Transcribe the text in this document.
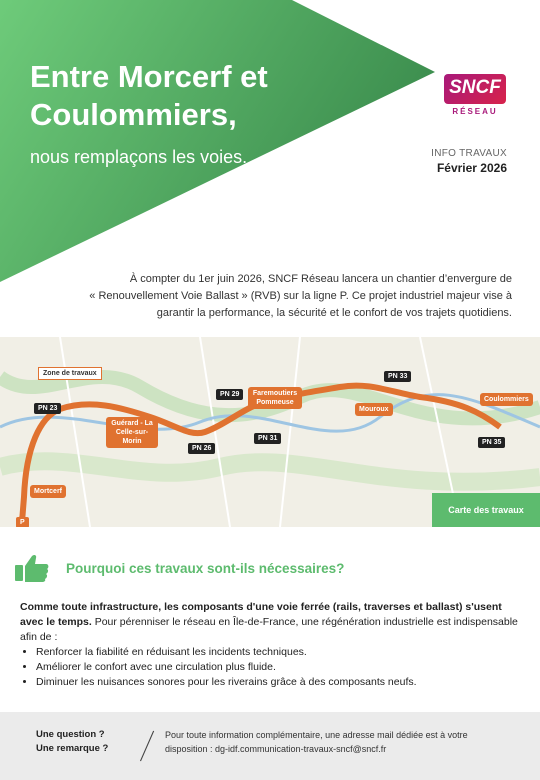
Entre Morcerf et
Coulommiers,
nous remplaçons les voies.
SNCF
RÉSEAU
INFO TRAVAUX
Février 2026
À compter du 1er juin 2026, SNCF Réseau lancera un chantier d’envergure de
« Renouvellement Voie Ballast » (RVB) sur la ligne P. Ce projet industriel majeur vise à
garantir la performance, la sécurité et le confort de vos trajets quotidiens.
Zone de travaux
Mortcerf
Guérard - La Celle-sur-Morin
Faremoutiers Pommeuse
Mouroux
Coulommiers
PN 23
PN 26
PN 29
PN 31
PN 33
PN 35
P
Carte des travaux
Pourquoi ces travaux sont-ils nécessaires?
Comme toute infrastructure, les composants d'une voie ferrée (rails, traverses et ballast) s'usent avec le temps. Pour pérenniser le réseau en Île-de-France, une régénération industrielle est indispensable afin de :
• Renforcer la fiabilité en réduisant les incidents techniques.
• Améliorer le confort avec une circulation plus fluide.
• Diminuer les nuisances sonores pour les riverains grâce à des composants neufs.
Une question ?
Une remarque ?
Pour toute information complémentaire, une adresse mail dédiée est à votre disposition : dg-idf.communication-travaux-sncf@sncf.fr
